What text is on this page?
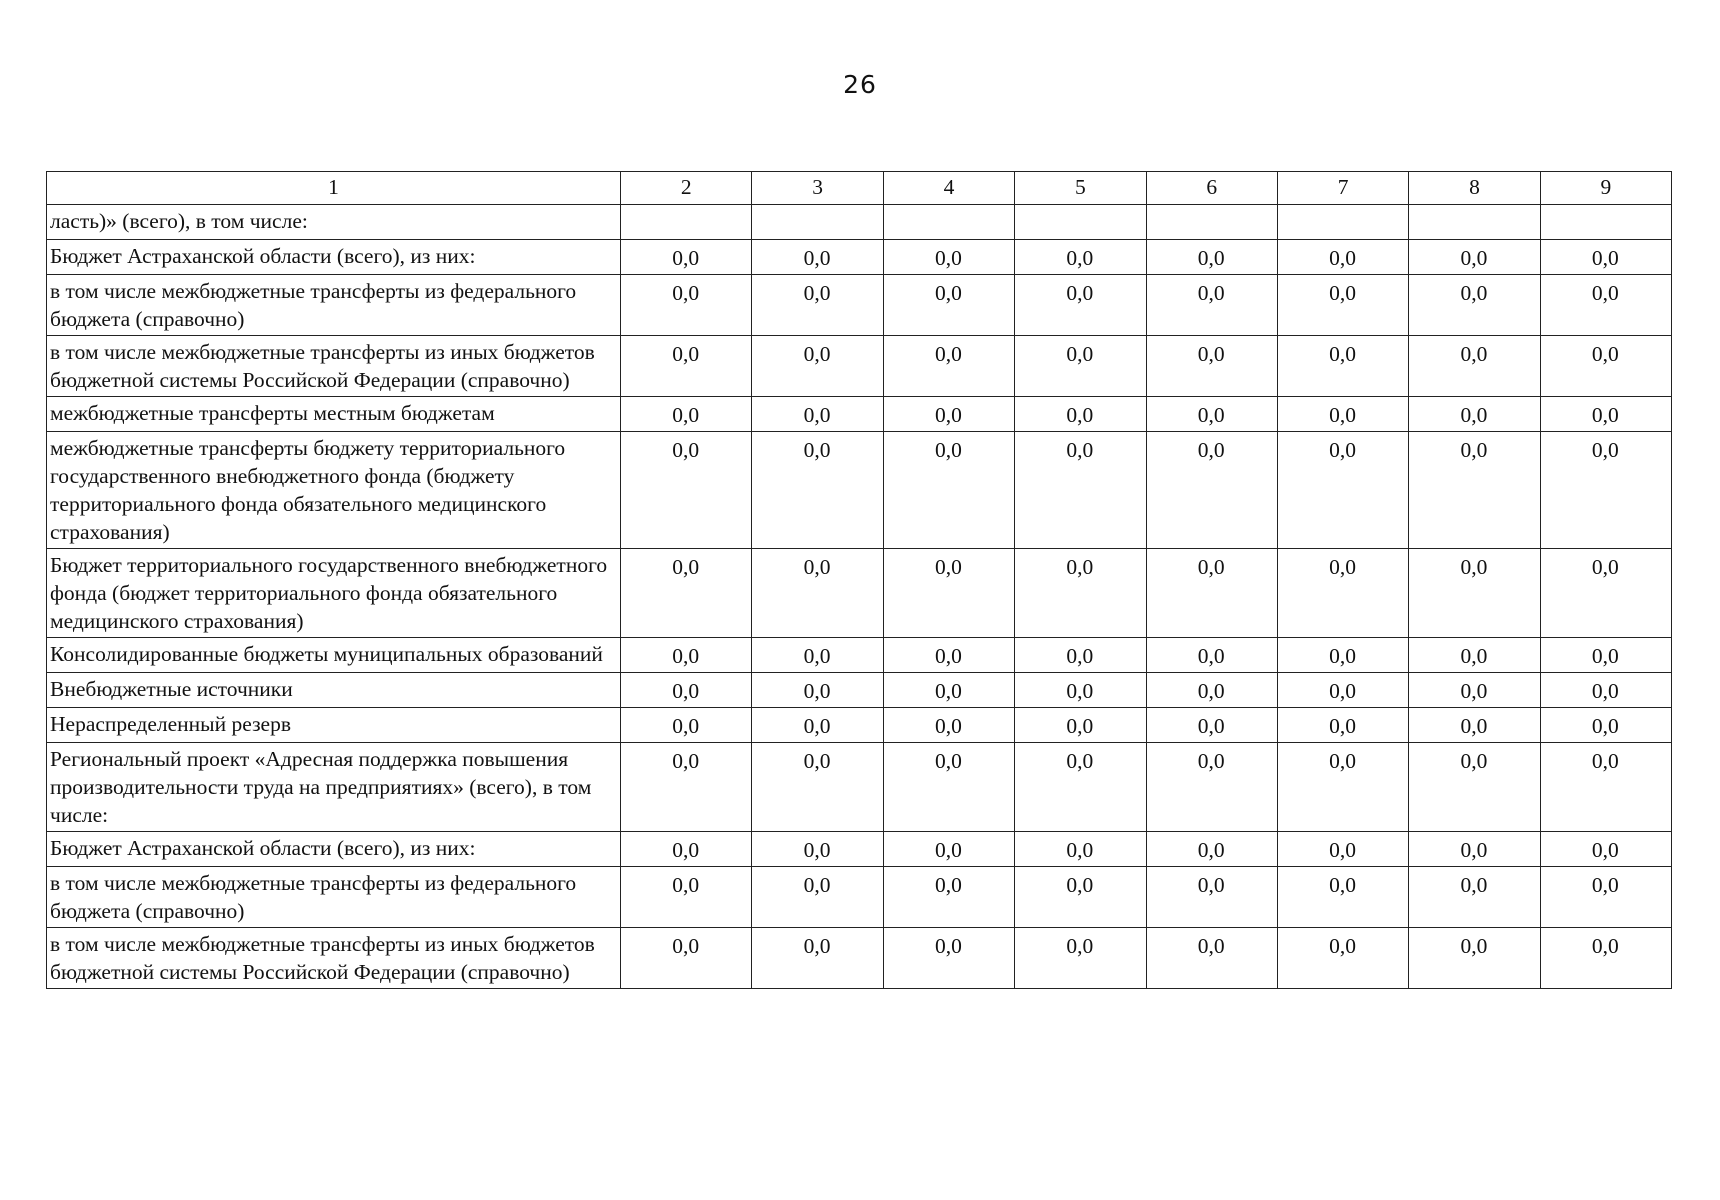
26
1	2	3	4	5	6	7	8	9
ласть)» (всего), в том числе:								
Бюджет Астраханской области (всего), из них:	0,0	0,0	0,0	0,0	0,0	0,0	0,0	0,0
в том числе межбюджетные трансферты из федерального бюджета (справочно)	0,0	0,0	0,0	0,0	0,0	0,0	0,0	0,0
в том числе межбюджетные трансферты из иных бюджетов бюджетной системы Российской Федерации (справочно)	0,0	0,0	0,0	0,0	0,0	0,0	0,0	0,0
межбюджетные трансферты местным бюджетам	0,0	0,0	0,0	0,0	0,0	0,0	0,0	0,0
межбюджетные трансферты бюджету территориального государственного внебюджетного фонда (бюджету территориального фонда обязательного медицинского страхования)	0,0	0,0	0,0	0,0	0,0	0,0	0,0	0,0
Бюджет территориального государственного внебюджетного фонда (бюджет территориального фонда обязательного медицинского страхования)	0,0	0,0	0,0	0,0	0,0	0,0	0,0	0,0
Консолидированные бюджеты муниципальных образований	0,0	0,0	0,0	0,0	0,0	0,0	0,0	0,0
Внебюджетные источники	0,0	0,0	0,0	0,0	0,0	0,0	0,0	0,0
Нераспределенный резерв	0,0	0,0	0,0	0,0	0,0	0,0	0,0	0,0
Региональный проект «Адресная поддержка повышения производительности труда на предприятиях» (всего), в том числе:	0,0	0,0	0,0	0,0	0,0	0,0	0,0	0,0
Бюджет Астраханской области (всего), из них:	0,0	0,0	0,0	0,0	0,0	0,0	0,0	0,0
в том числе межбюджетные трансферты из федерального бюджета (справочно)	0,0	0,0	0,0	0,0	0,0	0,0	0,0	0,0
в том числе межбюджетные трансферты из иных бюджетов бюджетной системы Российской Федерации (справочно)	0,0	0,0	0,0	0,0	0,0	0,0	0,0	0,0
